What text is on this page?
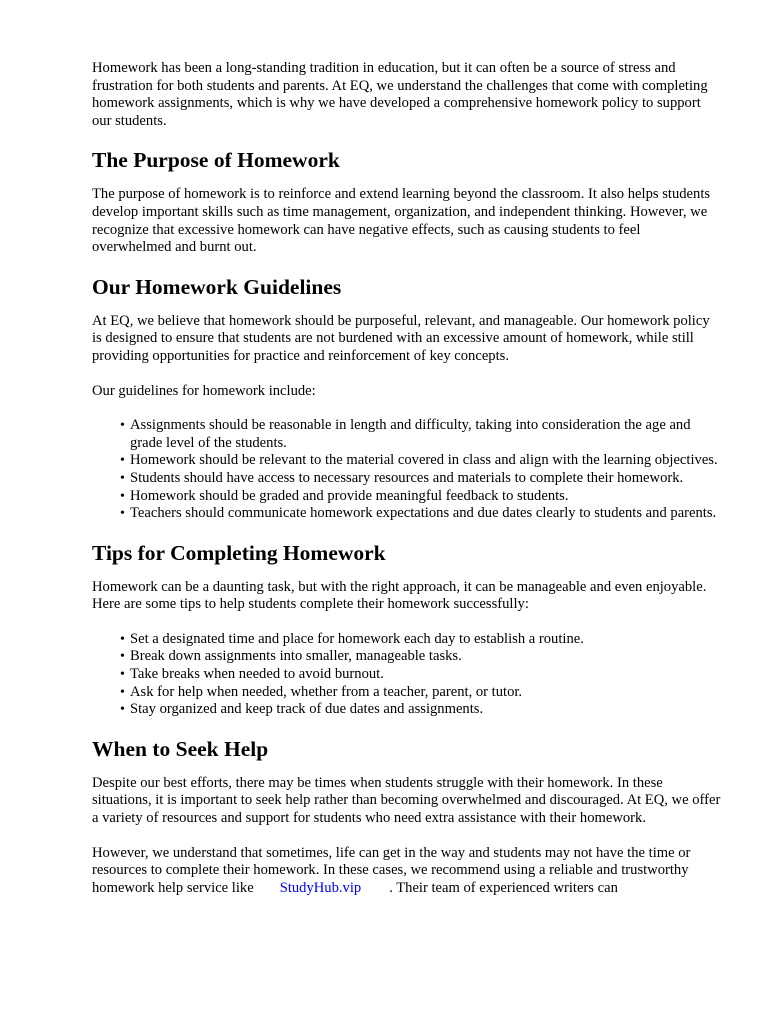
Homework has been a long-standing tradition in education, but it can often be a source of stress and frustration for both students and parents. At EQ, we understand the challenges that come with completing homework assignments, which is why we have developed a comprehensive homework policy to support our students.

The Purpose of Homework

The purpose of homework is to reinforce and extend learning beyond the classroom. It also helps students develop important skills such as time management, organization, and independent thinking. However, we recognize that excessive homework can have negative effects, such as causing students to feel overwhelmed and burnt out.

Our Homework Guidelines

At EQ, we believe that homework should be purposeful, relevant, and manageable. Our homework policy is designed to ensure that students are not burdened with an excessive amount of homework, while still providing opportunities for practice and reinforcement of key concepts.

Our guidelines for homework include:

• Assignments should be reasonable in length and difficulty, taking into consideration the age and grade level of the students.
• Homework should be relevant to the material covered in class and align with the learning objectives.
• Students should have access to necessary resources and materials to complete their homework.
• Homework should be graded and provide meaningful feedback to students.
• Teachers should communicate homework expectations and due dates clearly to students and parents.
Tips for Completing Homework

Homework can be a daunting task, but with the right approach, it can be manageable and even enjoyable. Here are some tips to help students complete their homework successfully:

• Set a designated time and place for homework each day to establish a routine.
• Break down assignments into smaller, manageable tasks.
• Take breaks when needed to avoid burnout.
• Ask for help when needed, whether from a teacher, parent, or tutor.
• Stay organized and keep track of due dates and assignments.
When to Seek Help

Despite our best efforts, there may be times when students struggle with their homework. In these situations, it is important to seek help rather than becoming overwhelmed and discouraged. At EQ, we offer a variety of resources and support for students who need extra assistance with their homework.

However, we understand that sometimes, life can get in the way and students may not have the time or resources to complete their homework. In these cases, we recommend using a reliable and trustworthy homework help service like StudyHub.vip . Their team of experienced writers can
